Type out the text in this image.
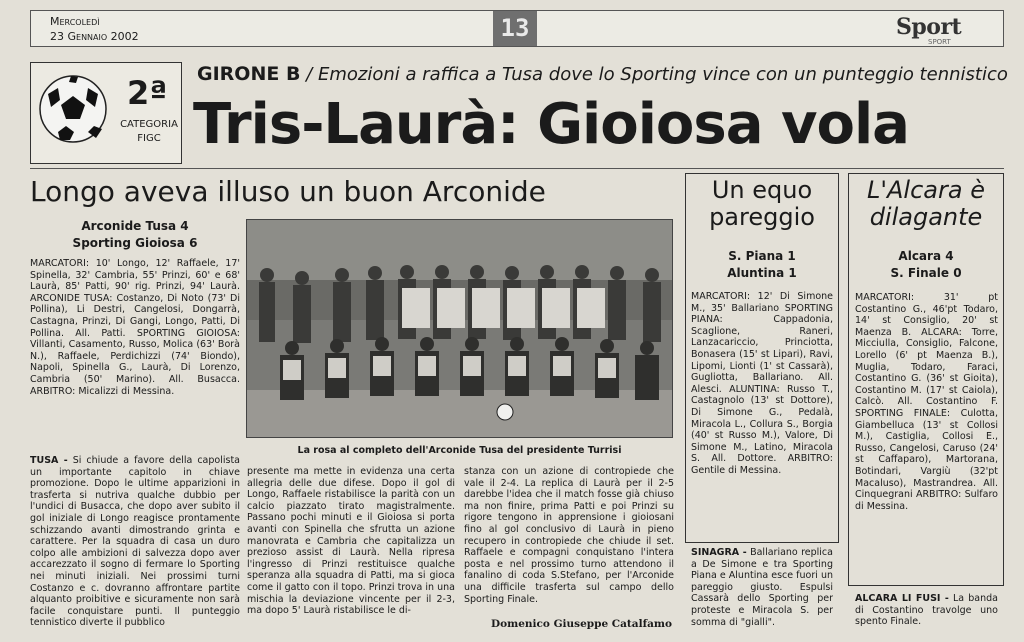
Mercoledì
23 Gennaio 2002	13	Sport
SPORT
2ª
CATEGORIA FIGC
GIRONE B / Emozioni a raffica a Tusa dove lo Sporting vince con un punteggio tennistico
Tris-Laurà: Gioiosa vola
Longo aveva illuso un buon Arconide
Arconide Tusa 4
Sporting Gioiosa 6
MARCATORI: 10' Longo, 12' Raffaele, 17' Spinella, 32' Cambria, 55' Prinzi, 60' e 68' Laurà, 85' Patti, 90' rig. Prinzi, 94' Laurà. ARCONIDE TUSA: Costanzo, Di Noto (73' Di Pollina), Li Destri, Cangelosi, Dongarrà, Castagna, Prinzi, Di Gangi, Longo, Patti, Di Pollina. All. Patti. SPORTING GIOIOSA: Villanti, Casamento, Russo, Molica (63' Borà N.), Raffaele, Perdichizzi (74' Biondo), Napoli, Spinella G., Laurà, Di Lorenzo, Cambria (50' Marino). All. Busacca. ARBITRO: Micalizzi di Messina.
La rosa al completo dell'Arconide Tusa del presidente Turrisi
TUSA - Si chiude a favore della capolista un importante capitolo in chiave promozione. Dopo le ultime apparizioni in trasferta si nutriva qualche dubbio per l'undici di Busacca, che dopo aver subito il gol iniziale di Longo reagisce prontamente schizzando avanti dimostrando grinta e carattere. Per la squadra di casa un duro colpo alle ambizioni di salvezza dopo aver accarezzato il sogno di fermare lo Sporting nei minuti iniziali. Nei prossimi turni Costanzo e c. dovranno affrontare partite alquanto proibitive e sicuramente non sarà facile conquistare punti. Il punteggio tennistico diverte il pubblico
presente ma mette in evidenza una certa allegria delle due difese. Dopo il gol di Longo, Raffaele ristabilisce la parità con un calcio piazzato tirato magistralmente. Passano pochi minuti e il Gioiosa si porta avanti con Spinella che sfrutta un azione manovrata e Cambria che capitalizza un prezioso assist di Laurà. Nella ripresa l'ingresso di Prinzi restituisce qualche speranza alla squadra di Patti, ma si gioca come il gatto con il topo. Prinzi trova in una mischia la deviazione vincente per il 2-3, ma dopo 5' Laurà ristabilisce le di-
stanza con un azione di contropiede che vale il 2-4. La replica di Laurà per il 2-5 darebbe l'idea che il match fosse già chiuso ma non finire, prima Patti e poi Prinzi su rigore tengono in apprensione i gioiosani fino al gol conclusivo di Laurà in pieno recupero in contropiede che chiude il set. Raffaele e compagni conquistano l'intera posta e nel prossimo turno attendono il fanalino di coda S.Stefano, per l'Arconide una difficile trasferta sul campo dello Sporting Finale.
Domenico Giuseppe Catalfamo
Un equo pareggio
S. Piana 1
Aluntina 1
MARCATORI: 12' Di Simone M., 35' Ballariano SPORTING PIANA: Cappadonia, Scaglione, Raneri, Lanzacariccio, Princiotta, Bonasera (15' st Lipari), Ravi, Lipomi, Lionti (1' st Cassarà), Gugliotta, Ballariano. All. Alesci. ALUNTINA: Russo T., Castagnolo (13' st Dottore), Di Simone G., Pedalà, Miracola L., Collura S., Borgia (40' st Russo M.), Valore, Di Simone M., Latino, Miracola S. All. Dottore. ARBITRO: Gentile di Messina.
SINAGRA - Ballariano replica a De Simone e tra Sporting Piana e Aluntina esce fuori un pareggio giusto. Espulsi Cassarà dello Sporting per proteste e Miracola S. per somma di "gialli".
L'Alcara è dilagante
Alcara 4
S. Finale 0
MARCATORI: 31' pt Costantino G., 46'pt Todaro, 14' st Consiglio, 20' st Maenza B. ALCARA: Torre, Micciulla, Consiglio, Falcone, Lorello (6' pt Maenza B.), Muglia, Todaro, Faraci, Costantino G. (36' st Gioita), Costantino M. (17' st Caiola), Calcò. All. Costantino F. SPORTING FINALE: Culotta, Giambelluca (13' st Collosi M.), Castiglia, Collosi E., Russo, Cangelosi, Caruso (24' st Caffaparo), Martorana, Botindari, Vargiù (32'pt Macaluso), Mastrandrea. All. Cinquegrani ARBITRO: Sulfaro di Messina.
ALCARA LI FUSI - La banda di Costantino travolge uno spento Finale.
